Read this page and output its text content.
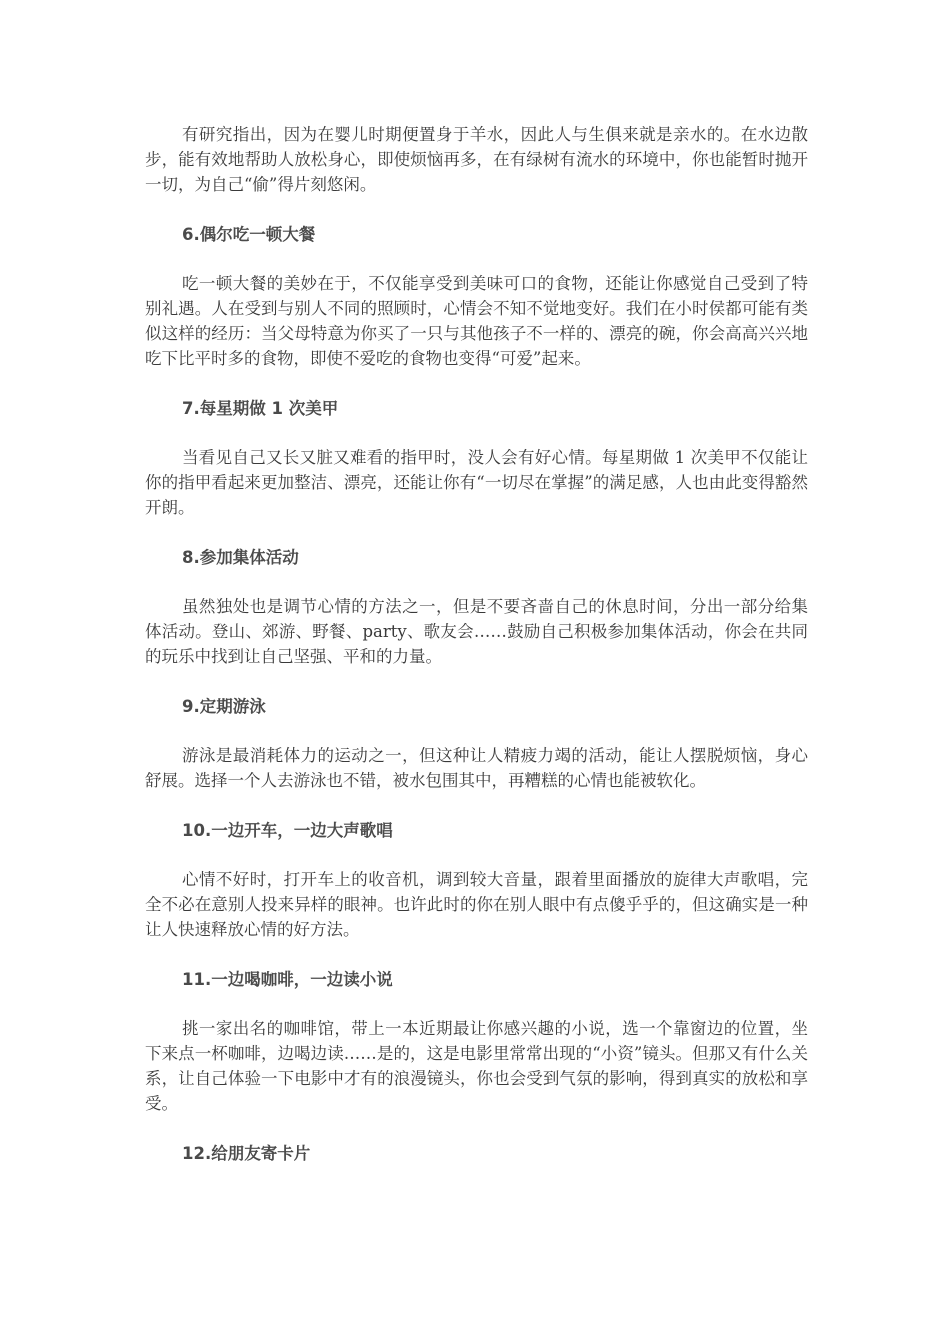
有研究指出，因为在婴儿时期便置身于羊水，因此人与生俱来就是亲水的。在水边散步，能有效地帮助人放松身心，即使烦恼再多，在有绿树有流水的环境中，你也能暂时抛开一切，为自己“偷”得片刻悠闲。

6.偶尔吃一顿大餐

吃一顿大餐的美妙在于，不仅能享受到美味可口的食物，还能让你感觉自己受到了特别礼遇。人在受到与别人不同的照顾时，心情会不知不觉地变好。我们在小时侯都可能有类似这样的经历：当父母特意为你买了一只与其他孩子不一样的、漂亮的碗，你会高高兴兴地吃下比平时多的食物，即使不爱吃的食物也变得“可爱”起来。

7.每星期做 1 次美甲

当看见自己又长又脏又难看的指甲时，没人会有好心情。每星期做 1 次美甲不仅能让你的指甲看起来更加整洁、漂亮，还能让你有“一切尽在掌握”的满足感，人也由此变得豁然开朗。

8.参加集体活动

虽然独处也是调节心情的方法之一，但是不要吝啬自己的休息时间，分出一部分给集体活动。登山、郊游、野餐、party、歌友会……鼓励自己积极参加集体活动，你会在共同的玩乐中找到让自己坚强、平和的力量。

9.定期游泳

游泳是最消耗体力的运动之一，但这种让人精疲力竭的活动，能让人摆脱烦恼，身心舒展。选择一个人去游泳也不错，被水包围其中，再糟糕的心情也能被软化。

10.一边开车，一边大声歌唱

心情不好时，打开车上的收音机，调到较大音量，跟着里面播放的旋律大声歌唱，完全不必在意别人投来异样的眼神。也许此时的你在别人眼中有点傻乎乎的，但这确实是一种让人快速释放心情的好方法。

11.一边喝咖啡，一边读小说

挑一家出名的咖啡馆，带上一本近期最让你感兴趣的小说，选一个靠窗边的位置，坐下来点一杯咖啡，边喝边读……是的，这是电影里常常出现的“小资”镜头。但那又有什么关系，让自己体验一下电影中才有的浪漫镜头，你也会受到气氛的影响，得到真实的放松和享受。

12.给朋友寄卡片
